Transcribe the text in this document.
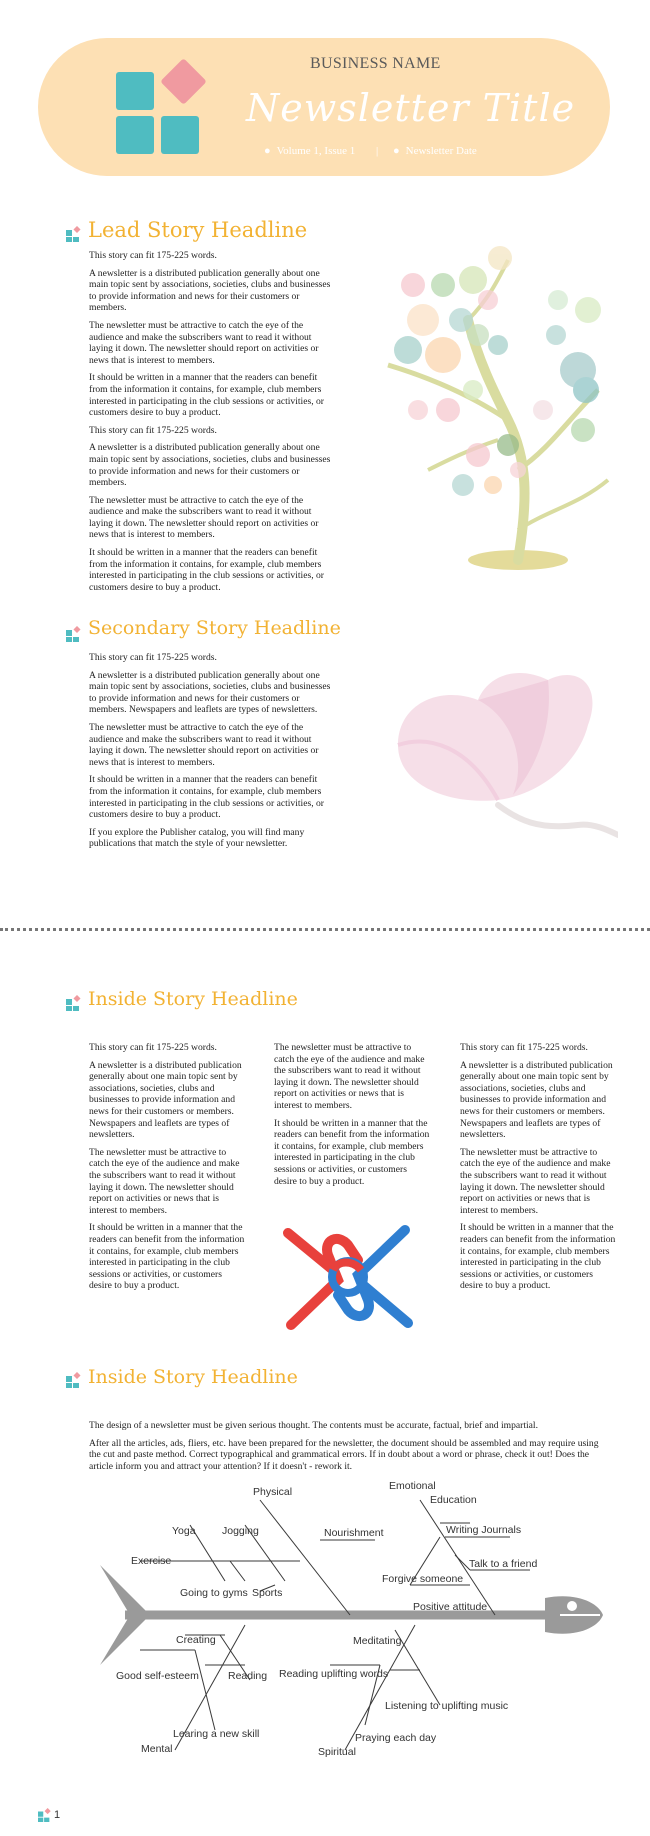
BUSINESS NAME
Newsletter Title
● Volume 1, Issue 1 | ● Newsletter Date
Lead Story Headline

This story can fit 175-225 words.

A newsletter is a distributed publication generally about one main topic sent by associations, societies, clubs and businesses to provide information and news for their customers or members.

The newsletter must be attractive to catch the eye of the audience and make the subscribers want to read it without laying it down. The newsletter should report on activities or news that is interest to members.

It should be written in a manner that the readers can benefit from the information it contains, for example, club members interested in participating in the club sessions or activities, or customers desire to buy a product.

This story can fit 175-225 words.

A newsletter is a distributed publication generally about one main topic sent by associations, societies, clubs and businesses to provide information and news for their customers or members.

The newsletter must be attractive to catch the eye of the audience and make the subscribers want to read it without laying it down. The newsletter should report on activities or news that is interest to members.

It should be written in a manner that the readers can benefit from the information it contains, for example, club members interested in participating in the club sessions or activities, or customers desire to buy a product.

Secondary Story Headline

This story can fit 175-225 words.

A newsletter is a distributed publication generally about one main topic sent by associations, societies, clubs and businesses to provide information and news for their customers or members. Newspapers and leaflets are types of newsletters.

The newsletter must be attractive to catch the eye of the audience and make the subscribers want to read it without laying it down. The newsletter should report on activities or news that is interest to members.

It should be written in a manner that the readers can benefit from the information it contains, for example, club members interested in participating in the club sessions or activities, or customers desire to buy a product.

If you explore the Publisher catalog, you will find many publications that match the style of your newsletter.

Inside Story Headline

This story can fit 175-225 words.

A newsletter is a distributed publication generally about one main topic sent by associations, societies, clubs and businesses to provide information and news for their customers or members. Newspapers and leaflets are types of newsletters.

The newsletter must be attractive to catch the eye of the audience and make the subscribers want to read it without laying it down. The newsletter should report on activities or news that is interest to members.

It should be written in a manner that the readers can benefit from the information it contains, for example, club members interested in participating in the club sessions or activities, or customers desire to buy a product.

The newsletter must be attractive to catch the eye of the audience and make the subscribers want to read it without laying it down. The newsletter should report on activities or news that is interest to members.

It should be written in a manner that the readers can benefit from the information it contains, for example, club members interested in participating in the club sessions or activities, or customers desire to buy a product.

This story can fit 175-225 words.

A newsletter is a distributed publication generally about one main topic sent by associations, societies, clubs and businesses to provide information and news for their customers or members. Newspapers and leaflets are types of newsletters.

The newsletter must be attractive to catch the eye of the audience and make the subscribers want to read it without laying it down. The newsletter should report on activities or news that is interest to members.

It should be written in a manner that the readers can benefit from the information it contains, for example, club members interested in participating in the club sessions or activities, or customers desire to buy a product.

Inside Story Headline

The design of a newsletter must be given serious thought. The contents must be accurate, factual, brief and impartial.

After all the articles, ads, fliers, etc. have been prepared for the newsletter, the document should be assembled and may require using the cut and paste method. Correct typographical and grammatical errors. If in doubt about a word or phrase, check it out! Does the article inform you and attract your attention? If it doesn't - rework it.

Physical
Yoga	Jogging	Nourishment
Exercise
Going to gyms Sports
Emotional
Education
Writing Journals
Talk to a friend
Forgive someone
Positive attitude
Creating
Good self-esteem	Reading
Mental
Learing a new skill
Meditating
Reading uplifting words
Listening to uplifting music
Praying each day
Spiritual
1
